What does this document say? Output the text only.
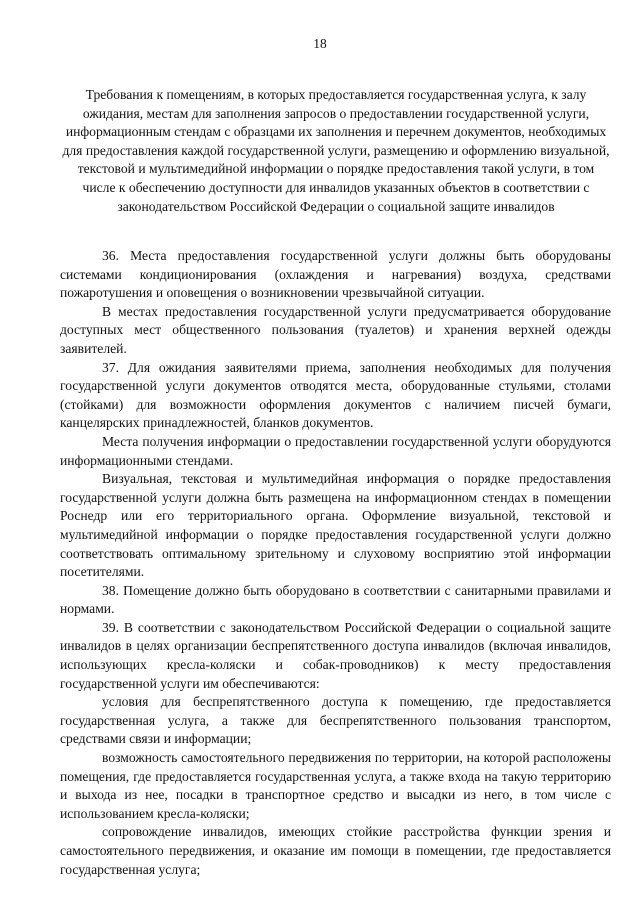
18
Требования к помещениям, в которых предоставляется государственная услуга, к залу ожидания, местам для заполнения запросов о предоставлении государственной услуги, информационным стендам с образцами их заполнения и перечнем документов, необходимых для предоставления каждой государственной услуги, размещению и оформлению визуальной, текстовой и мультимедийной информации о порядке предоставления такой услуги, в том числе к обеспечению доступности для инвалидов указанных объектов в соответствии с законодательством Российской Федерации о социальной защите инвалидов

36. Места предоставления государственной услуги должны быть оборудованы системами кондиционирования (охлаждения и нагревания) воздуха, средствами пожаротушения и оповещения о возникновении чрезвычайной ситуации.

В местах предоставления государственной услуги предусматривается оборудование доступных мест общественного пользования (туалетов) и хранения верхней одежды заявителей.

37. Для ожидания заявителями приема, заполнения необходимых для получения государственной услуги документов отводятся места, оборудованные стульями, столами (стойками) для возможности оформления документов с наличием писчей бумаги, канцелярских принадлежностей, бланков документов.

Места получения информации о предоставлении государственной услуги оборудуются информационными стендами.

Визуальная, текстовая и мультимедийная информация о порядке предоставления государственной услуги должна быть размещена на информационном стендах в помещении Роснедр или его территориального органа. Оформление визуальной, текстовой и мультимедийной информации о порядке предоставления государственной услуги должно соответствовать оптимальному зрительному и слуховому восприятию этой информации посетителями.

38. Помещение должно быть оборудовано в соответствии с санитарными правилами и нормами.

39. В соответствии с законодательством Российской Федерации о социальной защите инвалидов в целях организации беспрепятственного доступа инвалидов (включая инвалидов, использующих кресла-коляски и собак-проводников) к месту предоставления государственной услуги им обеспечиваются:

условия для беспрепятственного доступа к помещению, где предоставляется государственная услуга, а также для беспрепятственного пользования транспортом, средствами связи и информации;

возможность самостоятельного передвижения по территории, на которой расположены помещения, где предоставляется государственная услуга, а также входа на такую территорию и выхода из нее, посадки в транспортное средство и высадки из него, в том числе с использованием кресла-коляски;

сопровождение инвалидов, имеющих стойкие расстройства функции зрения и самостоятельного передвижения, и оказание им помощи в помещении, где предоставляется государственная услуга;
